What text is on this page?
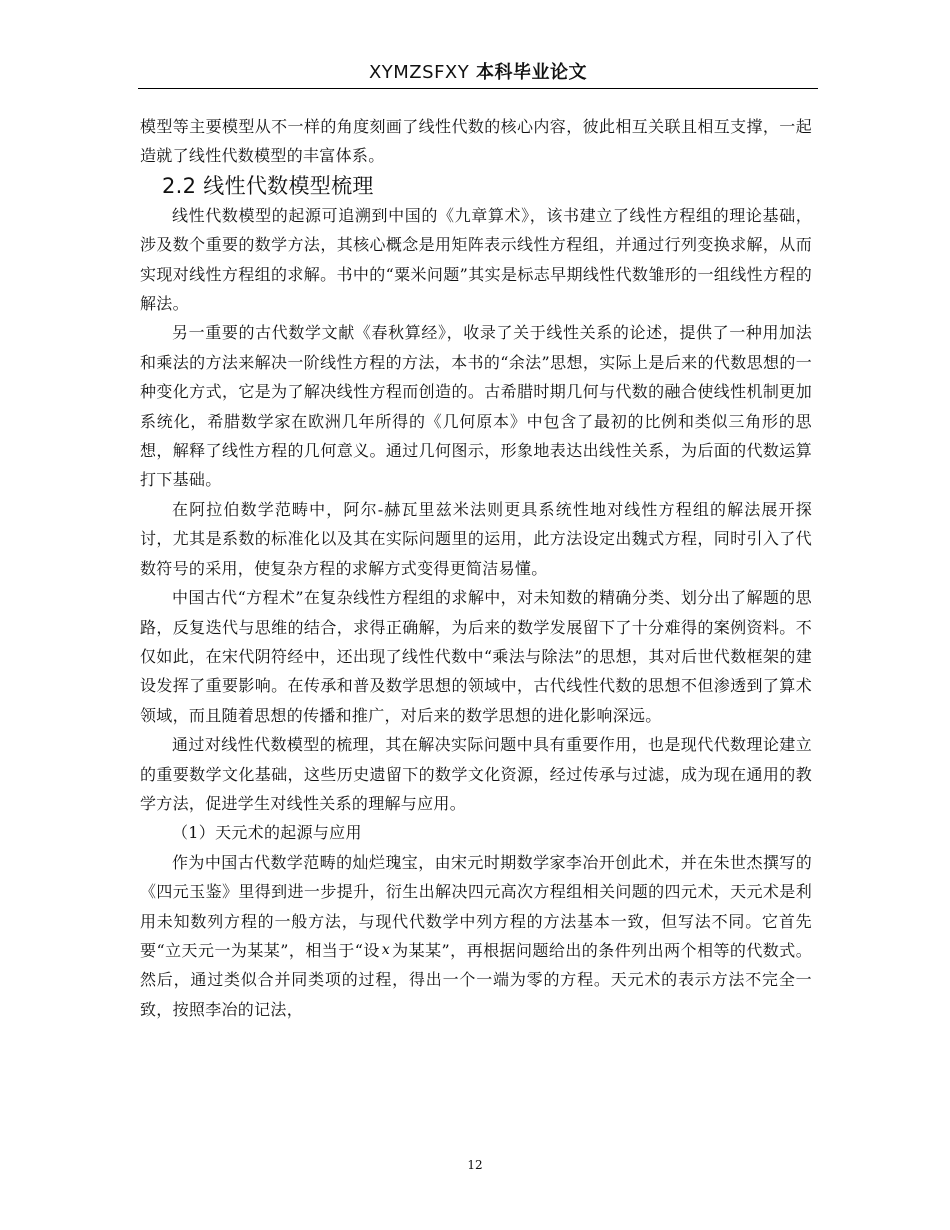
XYMZSFXY 本科毕业论文

模型等主要模型从不一样的角度刻画了线性代数的核心内容，彼此相互关联且相互支撑，一起造就了线性代数模型的丰富体系。

2.2 线性代数模型梳理

线性代数模型的起源可追溯到中国的《九章算术》，该书建立了线性方程组的理论基础，涉及数个重要的数学方法，其核心概念是用矩阵表示线性方程组，并通过行列变换求解，从而实现对线性方程组的求解。书中的“粟米问题”其实是标志早期线性代数雏形的一组线性方程的解法。

另一重要的古代数学文献《春秋算经》，收录了关于线性关系的论述，提供了一种用加法和乘法的方法来解决一阶线性方程的方法，本书的“余法”思想，实际上是后来的代数思想的一种变化方式，它是为了解决线性方程而创造的。古希腊时期几何与代数的融合使线性机制更加系统化，希腊数学家在欧洲几年所得的《几何原本》中包含了最初的比例和类似三角形的思想，解释了线性方程的几何意义。通过几何图示，形象地表达出线性关系，为后面的代数运算打下基础。

在阿拉伯数学范畴中，阿尔-赫瓦里兹米法则更具系统性地对线性方程组的解法展开探讨，尤其是系数的标准化以及其在实际问题里的运用，此方法设定出魏式方程，同时引入了代数符号的采用，使复杂方程的求解方式变得更简洁易懂。

中国古代“方程术”在复杂线性方程组的求解中，对未知数的精确分类、划分出了解题的思路，反复迭代与思维的结合，求得正确解，为后来的数学发展留下了十分难得的案例资料。不仅如此，在宋代阴符经中，还出现了线性代数中“乘法与除法”的思想，其对后世代数框架的建设发挥了重要影响。在传承和普及数学思想的领域中，古代线性代数的思想不但渗透到了算术领域，而且随着思想的传播和推广，对后来的数学思想的进化影响深远。

通过对线性代数模型的梳理，其在解决实际问题中具有重要作用，也是现代代数理论建立的重要数学文化基础，这些历史遗留下的数学文化资源，经过传承与过滤，成为现在通用的教学方法，促进学生对线性关系的理解与应用。

（1）天元术的起源与应用

作为中国古代数学范畴的灿烂瑰宝，由宋元时期数学家李冶开创此术，并在朱世杰撰写的《四元玉鉴》里得到进一步提升，衍生出解决四元高次方程组相关问题的四元术，天元术是利用未知数列方程的一般方法，与现代代数学中列方程的方法基本一致，但写法不同。它首先要“立天元一为某某”，相当于“设 x 为某某”，再根据问题给出的条件列出两个相等的代数式。然后，通过类似合并同类项的过程，得出一个一端为零的方程。天元术的表示方法不完全一致，按照李冶的记法，

12
